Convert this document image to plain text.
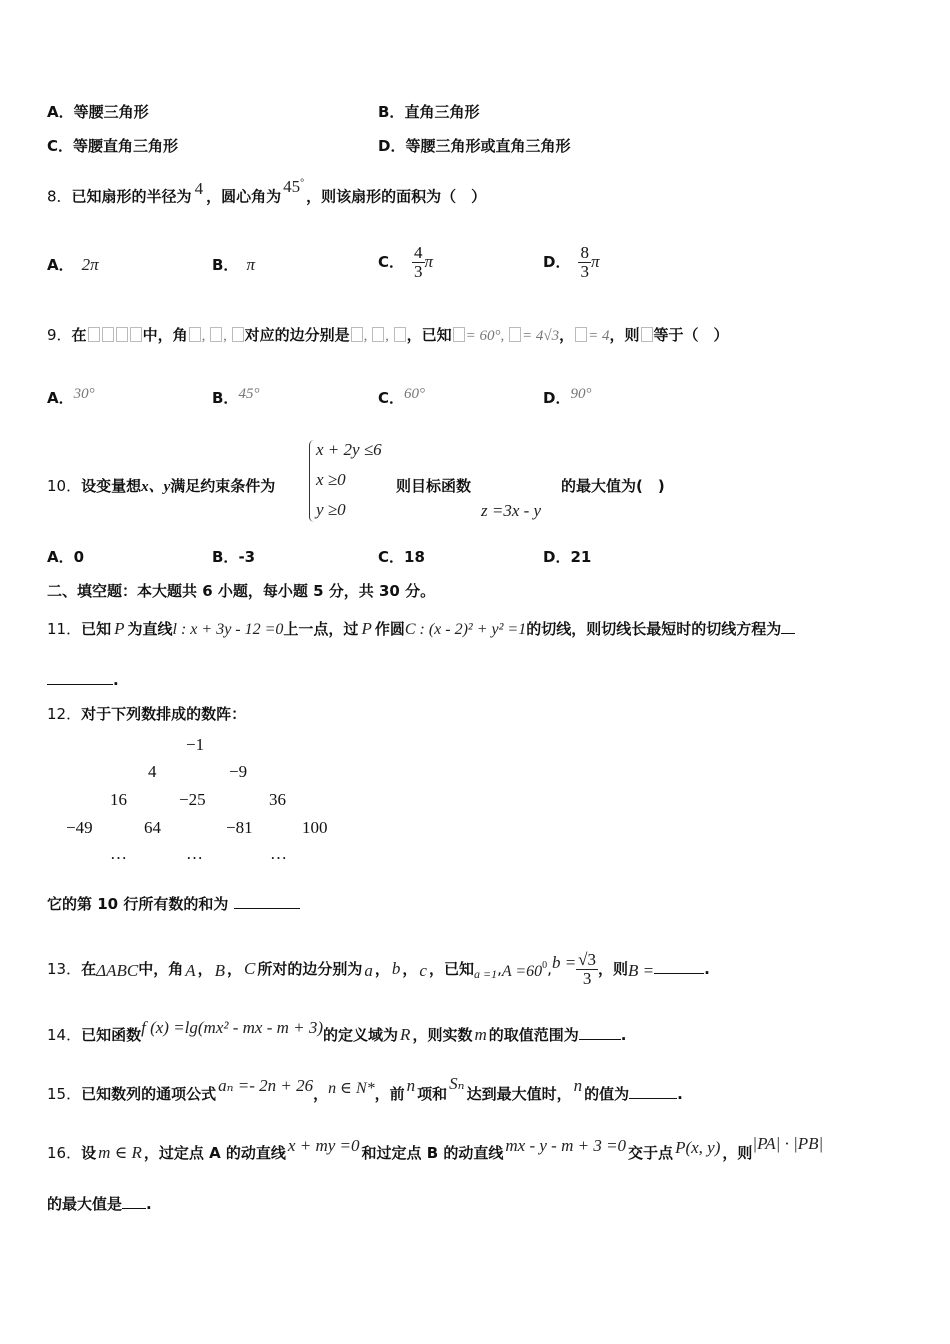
A．等腰三角形	B．直角三角形
C．等腰直角三角形	D．等腰三角形或直角三角形
8．已知扇形的半径为 4 ，圆心角为45°，则该扇形的面积为（　）
A． 2π	B． π	C． $\frac{4}{3}$ π	D． $\frac{8}{3}$ π
9．在	中，角 , , 对应的边分别是 , , ，已知 = 60°, = 4√3， = 4，则 等于（　）
A．30°	B．45°	C．60°	D．90°
10．设变量想x、y满足约束条件为
x + 2y ≤6
x ≥0
y ≥0
则目标函数
z =3x - y
的最大值为(　)
A．0	B．-3	C．18	D．21
二、填空题：本大题共 6 小题，每小题 5 分，共 30 分。
11．已知 P 为直线l : x + 3y - 12 =0上一点，过 P 作圆C : (x - 2)² + y² =1的切线，则切线长最短时的切线方程为
.
12．对于下列数排成的数阵：
−1
4	−9
16	−25	36
−49	64	−81	100
…	…	…
它的第 10 行所有数的和为
13．在ΔABC中，角 A ， B ， C 所对的边分别为 a ， b ， c ，已知$_{a =1},A =60^0,b = \frac{√3}{3}$ ，则B =	.
14．已知函数f (x) =lg(mx² - mx - m + 3)的定义域为 R ，则实数 m 的取值范围为	.
15．已知数列的通项公式 aₙ =- 2n + 26，n ∈ N*，前 n 项和Sₙ达到最大值时， n 的值为	.
16．设 m ∈ R ，过定点 A 的动直线 x + my =0 和过定点 B 的动直线 mx - y - m + 3 =0 交于点 P(x, y) ，则|PA| · |PB|
的最大值是 .
